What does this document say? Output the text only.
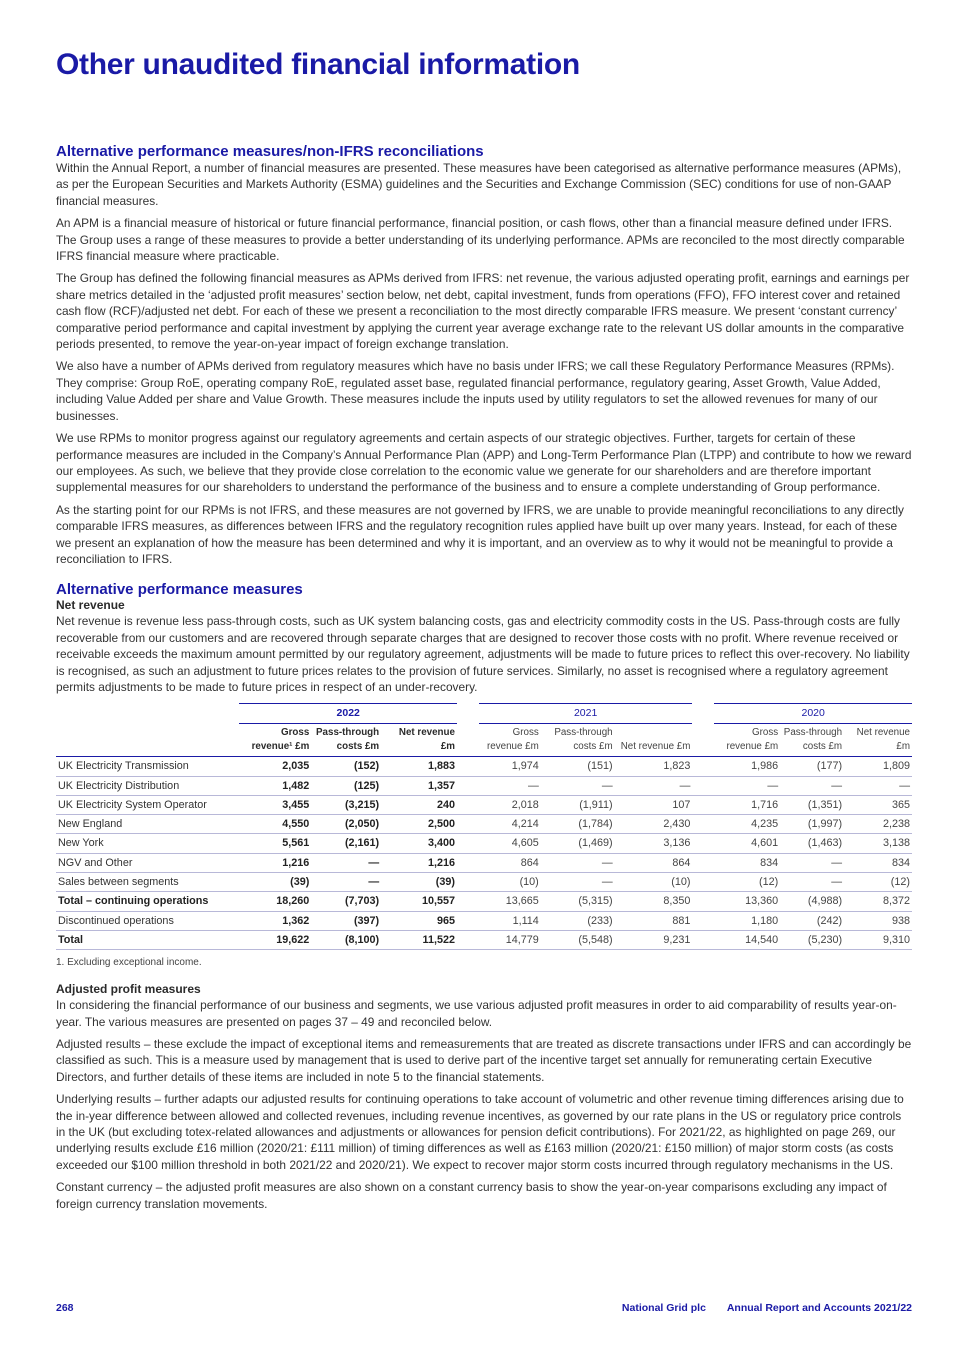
Other unaudited financial information
Alternative performance measures/non-IFRS reconciliations

Within the Annual Report, a number of financial measures are presented. These measures have been categorised as alternative performance measures (APMs), as per the European Securities and Markets Authority (ESMA) guidelines and the Securities and Exchange Commission (SEC) conditions for use of non-GAAP financial measures.

An APM is a financial measure of historical or future financial performance, financial position, or cash flows, other than a financial measure defined under IFRS. The Group uses a range of these measures to provide a better understanding of its underlying performance. APMs are reconciled to the most directly comparable IFRS financial measure where practicable.

The Group has defined the following financial measures as APMs derived from IFRS: net revenue, the various adjusted operating profit, earnings and earnings per share metrics detailed in the ‘adjusted profit measures’ section below, net debt, capital investment, funds from operations (FFO), FFO interest cover and retained cash flow (RCF)/adjusted net debt. For each of these we present a reconciliation to the most directly comparable IFRS measure. We present ‘constant currency’ comparative period performance and capital investment by applying the current year average exchange rate to the relevant US dollar amounts in the comparative periods presented, to remove the year-on-year impact of foreign exchange translation.

We also have a number of APMs derived from regulatory measures which have no basis under IFRS; we call these Regulatory Performance Measures (RPMs). They comprise: Group RoE, operating company RoE, regulated asset base, regulated financial performance, regulatory gearing, Asset Growth, Value Added, including Value Added per share and Value Growth. These measures include the inputs used by utility regulators to set the allowed revenues for many of our businesses.

We use RPMs to monitor progress against our regulatory agreements and certain aspects of our strategic objectives. Further, targets for certain of these performance measures are included in the Company’s Annual Performance Plan (APP) and Long-Term Performance Plan (LTPP) and contribute to how we reward our employees. As such, we believe that they provide close correlation to the economic value we generate for our shareholders and are therefore important supplemental measures for our shareholders to understand the performance of the business and to ensure a complete understanding of Group performance.

As the starting point for our RPMs is not IFRS, and these measures are not governed by IFRS, we are unable to provide meaningful reconciliations to any directly comparable IFRS measures, as differences between IFRS and the regulatory recognition rules applied have built up over many years. Instead, for each of these we present an explanation of how the measure has been determined and why it is important, and an overview as to why it would not be meaningful to provide a reconciliation to IFRS.

Alternative performance measures
Net revenue

Net revenue is revenue less pass-through costs, such as UK system balancing costs, gas and electricity commodity costs in the US. Pass-through costs are fully recoverable from our customers and are recovered through separate charges that are designed to recover those costs with no profit. Where revenue received or receivable exceeds the maximum amount permitted by our regulatory agreement, adjustments will be made to future prices to reflect this over-recovery. No liability is recognised, as such an adjustment to future prices relates to the provision of future services. Similarly, no asset is recognised where a regulatory agreement permits adjustments to be made to future prices in respect of an under-recovery.

	2022				2021				2020		
	Gross revenue¹ £m	Pass-through costs £m	Net revenue £m		Gross revenue £m	Pass-through costs £m	Net revenue £m		Gross revenue £m	Pass-through costs £m	Net revenue £m
UK Electricity Transmission	2,035	(152)	1,883		1,974	(151)	1,823		1,986	(177)	1,809
UK Electricity Distribution	1,482	(125)	1,357		—	—	—		—	—	—
UK Electricity System Operator	3,455	(3,215)	240		2,018	(1,911)	107		1,716	(1,351)	365
New England	4,550	(2,050)	2,500		4,214	(1,784)	2,430		4,235	(1,997)	2,238
New York	5,561	(2,161)	3,400		4,605	(1,469)	3,136		4,601	(1,463)	3,138
NGV and Other	1,216	—	1,216		864	—	864		834	—	834
Sales between segments	(39)	—	(39)		(10)	—	(10)		(12)	—	(12)
Total – continuing operations	18,260	(7,703)	10,557		13,665	(5,315)	8,350		13,360	(4,988)	8,372
Discontinued operations	1,362	(397)	965		1,114	(233)	881		1,180	(242)	938
Total	19,622	(8,100)	11,522		14,779	(5,548)	9,231		14,540	(5,230)	9,310
1. Excluding exceptional income.
Adjusted profit measures

In considering the financial performance of our business and segments, we use various adjusted profit measures in order to aid comparability of results year-on-year. The various measures are presented on pages 37 – 49 and reconciled below.

Adjusted results – these exclude the impact of exceptional items and remeasurements that are treated as discrete transactions under IFRS and can accordingly be classified as such. This is a measure used by management that is used to derive part of the incentive target set annually for remunerating certain Executive Directors, and further details of these items are included in note 5 to the financial statements.

Underlying results – further adapts our adjusted results for continuing operations to take account of volumetric and other revenue timing differences arising due to the in-year difference between allowed and collected revenues, including revenue incentives, as governed by our rate plans in the US or regulatory price controls in the UK (but excluding totex-related allowances and adjustments or allowances for pension deficit contributions). For 2021/22, as highlighted on page 269, our underlying results exclude £16 million (2020/21: £111 million) of timing differences as well as £163 million (2020/21: £150 million) of major storm costs (as costs exceeded our $100 million threshold in both 2021/22 and 2020/21). We expect to recover major storm costs incurred through regulatory mechanisms in the US.

Constant currency – the adjusted profit measures are also shown on a constant currency basis to show the year-on-year comparisons excluding any impact of foreign currency translation movements.

268	National Grid plc Annual Report and Accounts 2021/22
